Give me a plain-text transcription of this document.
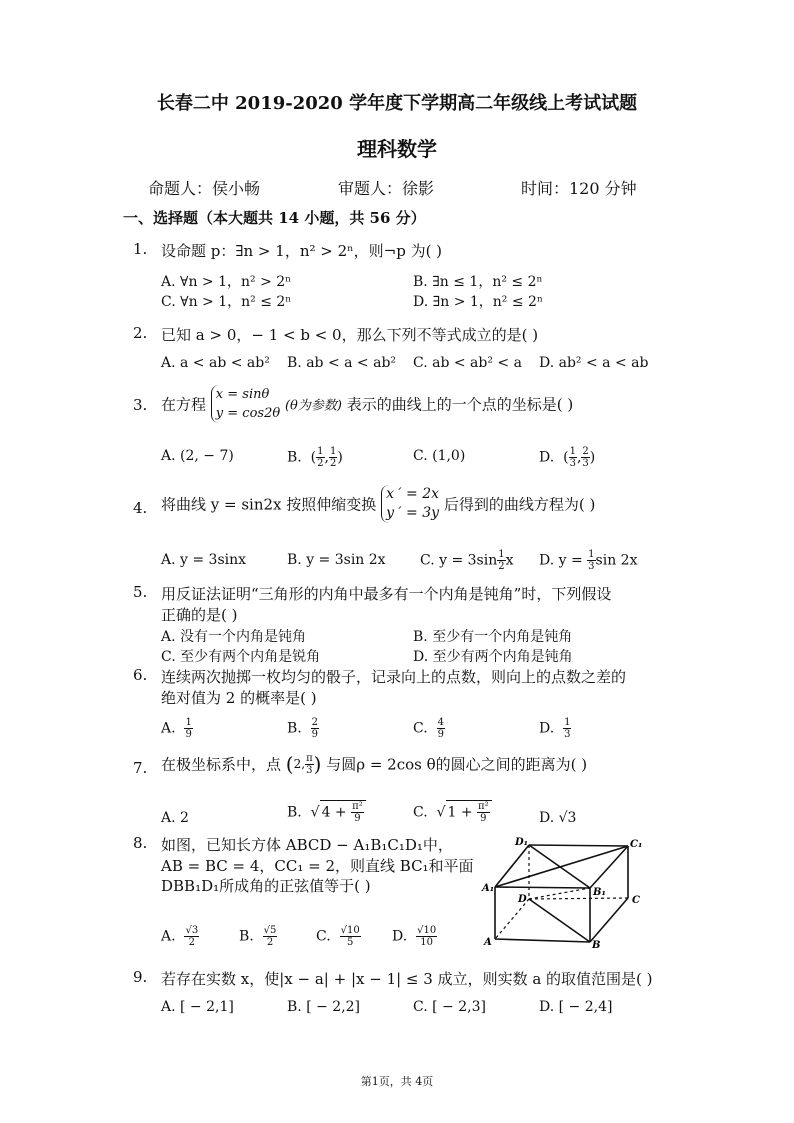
长春二中 2019-2020 学年度下学期高二年级线上考试试题
理科数学
命题人：侯小畅	审题人：徐影	时间：120 分钟
一、选择题（本大题共 14 小题，共 56 分）
1. 设命题 p：∃n > 1，n² > 2ⁿ，则¬p 为( )
A. ∀n > 1，n² > 2ⁿ	B. ∃n ≤ 1，n² ≤ 2ⁿ
C. ∀n > 1，n² ≤ 2ⁿ	D. ∃n > 1，n² ≤ 2ⁿ
2. 已知 a > 0，− 1 < b < 0，那么下列不等式成立的是( )
A. a < ab < ab² B. ab < a < ab² C. ab < ab² < a D. ab² < a < ab
3. 在方程
x = sinθ
y = cos2θ (θ为参数) 表示的曲线上的一个点的坐标是( )
A. (2, − 7)	B.  ( $\frac{1}{2}$ , $\frac{1}{2}$ )	C. (1,0)	D.  ( $\frac{1}{3}$ , $\frac{2}{3}$ )
4. 将曲线 y = sin2x 按照伸缩变换
x ′ = 2x
y ′ = 3y 后得到的曲线方程为( )
A. y = 3sinx	B. y = 3sin 2x C. $y = 3\sin \frac{1}{2}$ x D. $y = \frac{1}{3}$ sin 2x
5. 用反证法证明“三角形的内角中最多有一个内角是钝角”时，下列假设
正确的是( )
A. 没有一个内角是钝角	B. 至少有一个内角是钝角
C. 至少有两个内角是锐角	D. 至少有两个内角是钝角
6. 连续两次抛掷一枚均匀的骰子，记录向上的点数，则向上的点数之差的
绝对值为 2 的概率是( )
A. $\frac{1}{9}$	B. $\frac{2}{9}$	C. $\frac{4}{9}$	D. $\frac{1}{3}$
7. 在极坐标系中，点 (2, $\frac{\pi}{3}$ ) 与圆ρ = 2cos θ的圆心之间的距离为( )
A. 2	B.  √ $4 + \frac{\text{π²}}{9}$	C.  √ $1 + \frac{\text{π²}}{9}$	D. √3
8. 如图，已知长方体 ABCD − A₁B₁C₁D₁中，
AB = BC = 4，CC₁ = 2，则直线 BC₁和平面
DBB₁D₁所成角的正弦值等于( )
A. $\frac{√3}{2}$	B. $\frac{√5}{2}$	C. $\frac{√10}{5} D$. $\frac{√10}{10}$
D₁	C₁
A₁	B₁
D	C
A	B
9. 若存在实数 x，使|x − a| + |x − 1| ≤ 3 成立，则实数 a 的取值范围是( )
A. [ − 2,1]	B. [ − 2,2]	C. [ − 2,3]	D. [ − 2,4]
第1页，共 4页
